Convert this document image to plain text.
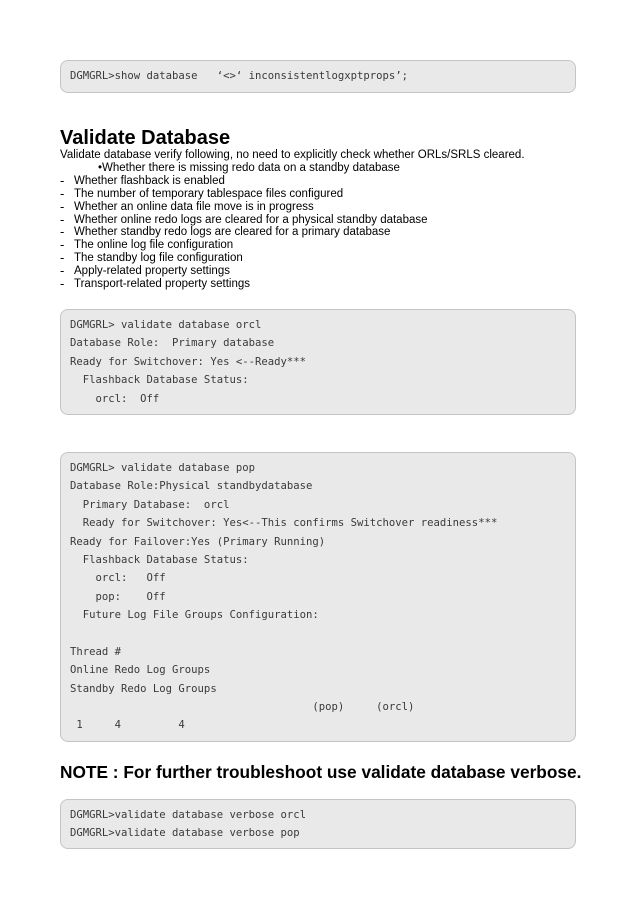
DGMGRL>show database   ‘<>‘ inconsistentlogxptprops’;
Validate Database
Validate database verify following, no need to explicitly check whether ORLs/SRLS cleared.
•Whether there is missing redo data on a standby database
- Whether flashback is enabled
- The number of temporary tablespace files configured
- Whether an online data file move is in progress
- Whether online redo logs are cleared for a physical standby database
- Whether standby redo logs are cleared for a primary database
- The online log file configuration
- The standby log file configuration
- Apply-related property settings
- Transport-related property settings
DGMGRL> validate database orcl
Database Role:  Primary database
Ready for Switchover: Yes <--Ready***
Flashback Database Status:
orcl:  Off
DGMGRL> validate database pop
Database Role:Physical standbydatabase
Primary Database:  orcl
Ready for Switchover: Yes<--This confirms Switchover readiness***
Ready for Failover:Yes (Primary Running)
Flashback Database Status:
orcl:   Off
pop:    Off
Future Log File Groups Configuration:
Thread #
Online Redo Log Groups
Standby Redo Log Groups
(pop)     (orcl)
1     4         4
NOTE : For further troubleshoot use validate database verbose.
DGMGRL>validate database verbose orcl
DGMGRL>validate database verbose pop
